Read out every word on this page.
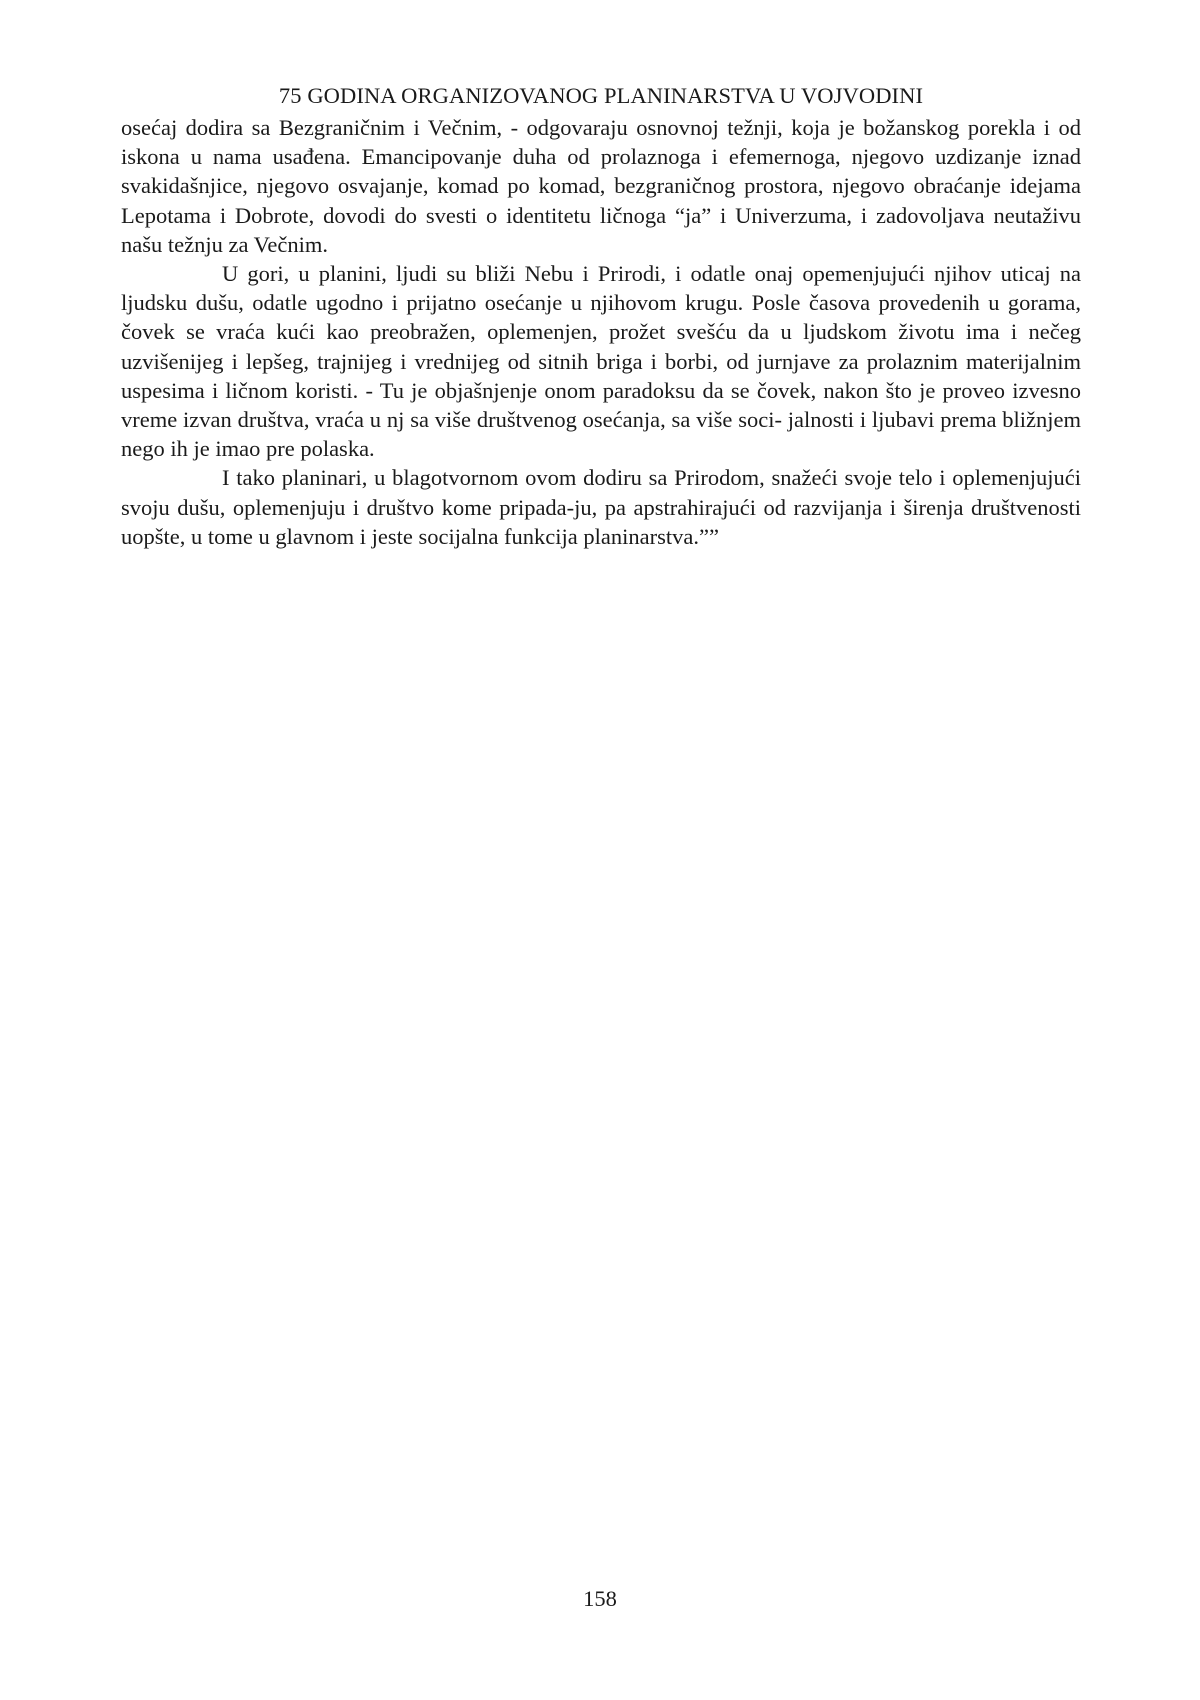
75 GODINA ORGANIZOVANOG PLANINARSTVA U VOJVODINI

osećaj dodira sa Bezgraničnim i Večnim, - odgovaraju osnovnoj težnji, koja je božanskog porekla i od iskona u nama usađena. Emancipovanje duha od prolaznoga i efemernoga, njegovo uzdizanje iznad svakidašnjice, njegovo osvajanje, komad po komad, bezgraničnog prostora, njegovo obraćanje idejama Lepotama i Dobrote, dovodi do svesti o identitetu ličnoga “ja” i Univerzuma, i zadovoljava neutaživu našu težnju za Večnim.

U gori, u planini, ljudi su bliži Nebu i Prirodi, i odatle onaj opemenjujući njihov uticaj na ljudsku dušu, odatle ugodno i prijatno osećanje u njihovom krugu. Posle časova provedenih u gorama, čovek se vraća kući kao preobražen, oplemenjen, prožet svešću da u ljudskom životu ima i nečeg uzvišenijeg i lepšeg, trajnijeg i vrednijeg od sitnih briga i borbi, od jurnjave za prolaznim materijalnim uspesima i ličnom koristi. - Tu je objašnjenje onom paradoksu da se čovek, nakon što je proveo izvesno vreme izvan društva, vraća u nj sa više društvenog osećanja, sa više soci- jalnosti i ljubavi prema bližnjem nego ih je imao pre polaska.

I tako planinari, u blagotvornom ovom dodiru sa Prirodom, snažeći svoje telo i oplemenjujući svoju dušu, oplemenjuju i društvo kome pripada-ju, pa apstrahirajući od razvijanja i širenja društvenosti uopšte, u tome u glavnom i jeste socijalna funkcija planinarstva.””

158
